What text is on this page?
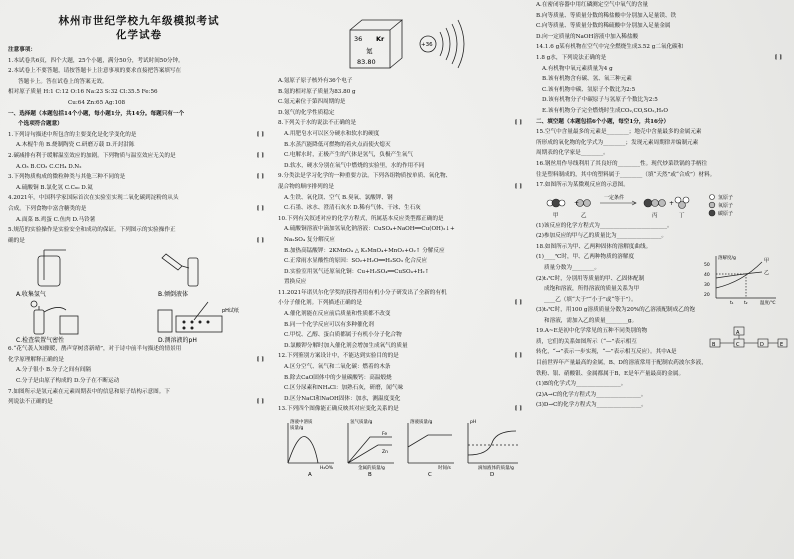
林州市世纪学校九年级模拟考试
化学试卷
注意事项：
1.本试卷共6页，四个大题，25个小题，满分50分，考试时间50分钟。
2.本试卷上不要答题，请按答题卡上注意事项的要求直接把答案填写在
答题卡上。答在试卷上的答案无效。
相对原子质量 H:1 C:12 O:16 Na:23 S:32 Cl:35.5 Fe:56
Cu:64 Zn:65 Ag:108
一、选择题（本题包括14个小题，每小题1分，共14分。每题只有一个
个选项符合题意）
[ ]
1.下列诗句描述中所包含的主要变化是化学变化的是
A.木棍牛角 B.烧制陶瓷 C.研磨万载 D.开封泔陈
[ ]
2.碳减排有利于缓解温室效应的加剧。下列物质与温室效应无关的是
A.O₃ B.CO₂ C.CH₄ D.N₂
[ ]
3.下列物质构成的微粒种类与其他三种不同的是
A.硫酸铜 B.氯化氢 C.C₆₀ D.氦
4.2021年，中国科学家国际首次在实验室实现二氧化碳到淀粉的从头
[ ]
合成。下列食物中富含糖类的是
A.面菜 B.鸡蛋 C.鱼肉 D.马铃薯
5.规范的实验操作是实验安全和成功的保证。下列图示的实验操作正
[ ]
确的是
A.收集氢气	B.倾倒液体
C.检查装置气密性	D.测溶液的pH
pH试纸
6.“花气袭人知骤暖，鹊声穿树喜新晴”，对于诗中前半句描述的情景用
[ ]
化学原理解释正确的是
A.分子很小 B.分子之间有间隔
C.分子是由原子构成的 D.分子在不断运动
7.如图所示是氢元素在元素周期表中的信息和原子结构示意图。下
[ ]
列说法不正确的是
36 Kr
氪
83.80
+36
A.氪原子原子核外有36个电子
B.氪的相对原子质量为83.80 g
C.氪元素位于第四周期的是
D.氪气的化学性质稳定
[ ]
8.下列关于水的说法不正确的是
A.用肥皂水可以区分硬水和软水的硬度
B.水蒸汽能降低可燃物的着火点而使火熄灭
C.电解水时，正极产生的气体是氢气，负极产生氧气
D.软水，硬水分别在氧气中燃烧的实验里，水的作用不同
9.分类法是学习化学的一种重要方法。下列各组物质按单质、氧化物、
[ ]
混合物的顺序排列的是
A.生铁、氧化镁、空气 B.臭氧、氯酸钾、钢
C.石墨、冰水、澄清石灰水 D.稀有气体、干冰、生石灰
10.下列有关叙述对应的化学方程式，所属基本反应类型都正确的是
A.硫酸铜溶液中滴加氢氧化钠溶液：CuSO₄+NaOH══Cu(OH)₂↓+
Na₂SO₄ 复分解反应
B.加热高锰酸钾：2KMnO₄ △ K₂MnO₄+MnO₂+O₂↑ 分解反应
C.正常雨水显酸性的原因：SO₂+H₂O══H₂SO₃ 化合反应
D.实验室用氢气还原氧化铜：Cu+H₂SO₄══CuSO₄+H₂↑
置换反应
11.2021年诺贝尔化学奖的获得者用有机小分子研发出了全新的有机
[ ]
小分子催化剂。下列描述正确的是
A.催化剂能在反应前后质量和性质都不改变
B.同一个化学反应可以有多种催化剂
C.甲烷、乙醇、蛋白质都属于有机小分子化合物
D.氯酸钾分解时加入催化剂会增加生成氧气的质量
[ ]
12.下列鉴别方案设计中，不能达到实验目的的是
A.区分空气、氧气和二氧化碳：燃着的木条
B.除去CaO固体中的少量碳酸钙：高温煅烧
C.区分尿素和NH₄Cl：加熟石灰，研磨，闻气味
D.区分NaCl和NaOH固体：加水，测温度变化
[ ]
13.下列四个图像能正确反映其对应变化关系的是
溶液中溶质
质量/g
H₂O%
氢气质量/g
金属的质量/g
Fe
Zn
溶液质量/g
时间/s
pH
滴加液体的质量/g
A	B	C	D
A.在密闭容器中用红磷测定空气中氧气的含量
B.向等质量、等质量分数的稀盐酸中分别加入足量镁、铁
C.向等质量、等质量分数的稀硫酸中分别加入足量金属
D.向一定质量的NaOH溶液中加入稀盐酸
14.1.6 g某有机物在空气中完全燃烧生成3.52 g二氧化碳和
[ ]
1.8 g水，下列说法正确的是
A.有机物中氧元素质量为4 g
B.该有机物含有碳、氢、氧三种元素
C.该有机物中碳、氢原子个数比为2:5
D.该有机物分子中碳原子与氢原子个数比为2:5
E.该有机物分子完全燃烧时生成CO₂,CO,SO₂,H₂O
二、填空题（本题包括6个小题，每空1分，共16分）
15.空气中含量最多的元素是________；地壳中含量最多的金属元素
所形成的氧化物的化学式为________；发现元素周期律并编制元素
周期表的化学家是________。
16.钢丝用作导线利用了其良好的________性。现代炒菜铁锅的手柄往
往是塑料制成的，其中的塑料属于________（填“天然”或“合成”）材料。
17.如图所示为某微观反应的示意图。
+	+
一定条件
甲	乙	丙	丁
氢原子
氧原子
碳原子
(1)该反应的化学方程式为________________________。
(2)参加反应的甲与乙的质量比为________________。
18.如图所示为甲、乙两种固体的溶解度曲线。
(1)____℃时，甲、乙两种物质的溶解度
质量分数为________。
(2)t₁℃时，分别用等质量的甲、乙固体配制
成饱和溶液，所得溶液的质量关系为甲
____乙（填“大于”“小于”或“等于”）。
溶解度/g	甲
乙
50
40
30
20
t₁ t₂	温度/℃
(3)t₂℃时，用100 g溶质质量分数为20%的乙溶液配制成乙的饱
和溶液，需加入乙的质量________g。
19.A~E是初中化学常见的五种不同类别的物
质，它们的关系如图所示（“—”表示相互
A
B	C	D	E
转化，“→”表示一步实现，“—”表示相互反应）。其中A是
目前世界年产量最高的金属，B、D的溶液常用于配制农药波尔多液，
铁粉、银、硝酸银、金属都属于B，E是年产量最高的金属。
(1)B的化学式为________________。
(2)A→C的化学方程式为________________。
(3)D→C的化学方程式为________________。
